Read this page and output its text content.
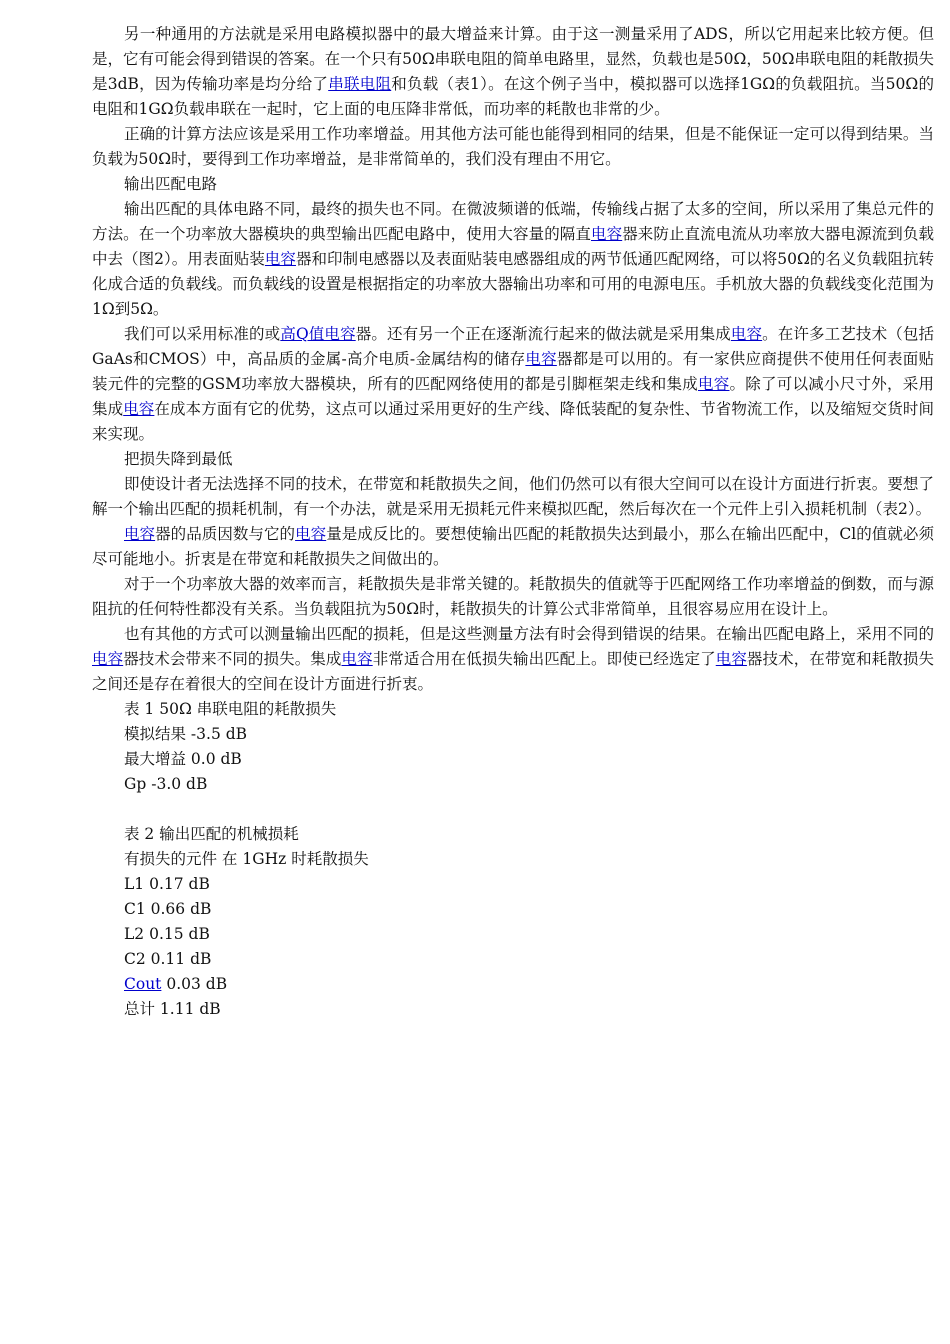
另一种通用的方法就是采用电路模拟器中的最大增益来计算。由于这一测量采用了ADS，所以它用起来比较方便。但是，它有可能会得到错误的答案。在一个只有50Ω串联电阻的简单电路里，显然，负载也是50Ω，50Ω串联电阻的耗散损失是3dB，因为传输功率是均分给了串联电阻和负载（表1）。在这个例子当中，模拟器可以选择1GΩ的负载阻抗。当50Ω的电阻和1GΩ负载串联在一起时，它上面的电压降非常低，而功率的耗散也非常的少。

正确的计算方法应该是采用工作功率增益。用其他方法可能也能得到相同的结果，但是不能保证一定可以得到结果。当负载为50Ω时，要得到工作功率增益，是非常简单的，我们没有理由不用它。

输出匹配电路

输出匹配的具体电路不同，最终的损失也不同。在微波频谱的低端，传输线占据了太多的空间，所以采用了集总元件的方法。在一个功率放大器模块的典型输出匹配电路中，使用大容量的隔直电容器来防止直流电流从功率放大器电源流到负载中去（图2）。用表面贴装电容器和印制电感器以及表面贴装电感器组成的两节低通匹配网络，可以将50Ω的名义负载阻抗转化成合适的负载线。而负载线的设置是根据指定的功率放大器输出功率和可用的电源电压。手机放大器的负载线变化范围为1Ω到5Ω。

我们可以采用标准的或高Q值电容器。还有另一个正在逐渐流行起来的做法就是采用集成电容。在许多工艺技术（包括GaAs和CMOS）中，高品质的金属-高介电质-金属结构的储存电容器都是可以用的。有一家供应商提供不使用任何表面贴装元件的完整的GSM功率放大器模块，所有的匹配网络使用的都是引脚框架走线和集成电容。除了可以减小尺寸外，采用集成电容在成本方面有它的优势，这点可以通过采用更好的生产线、降低装配的复杂性、节省物流工作，以及缩短交货时间来实现。

把损失降到最低

即使设计者无法选择不同的技术，在带宽和耗散损失之间，他们仍然可以有很大空间可以在设计方面进行折衷。要想了解一个输出匹配的损耗机制，有一个办法，就是采用无损耗元件来模拟匹配，然后每次在一个元件上引入损耗机制（表2）。

电容器的品质因数与它的电容量是成反比的。要想使输出匹配的耗散损失达到最小，那么在输出匹配中，Cl的值就必须尽可能地小。折衷是在带宽和耗散损失之间做出的。

对于一个功率放大器的效率而言，耗散损失是非常关键的。耗散损失的值就等于匹配网络工作功率增益的倒数，而与源阻抗的任何特性都没有关系。当负载阻抗为50Ω时，耗散损失的计算公式非常简单，且很容易应用在设计上。

也有其他的方式可以测量输出匹配的损耗，但是这些测量方法有时会得到错误的结果。在输出匹配电路上，采用不同的电容器技术会带来不同的损失。集成电容非常适合用在低损失输出匹配上。即使已经选定了电容器技术，在带宽和耗散损失之间还是存在着很大的空间在设计方面进行折衷。

表 1 50Ω 串联电阻的耗散损失
模拟结果 -3.5 dB
最大增益 0.0 dB
Gp -3.0 dB
表 2 输出匹配的机械损耗
有损失的元件 在 1GHz 时耗散损失
L1 0.17 dB
C1 0.66 dB
L2 0.15 dB
C2 0.11 dB
Cout 0.03 dB
总计 1.11 dB
